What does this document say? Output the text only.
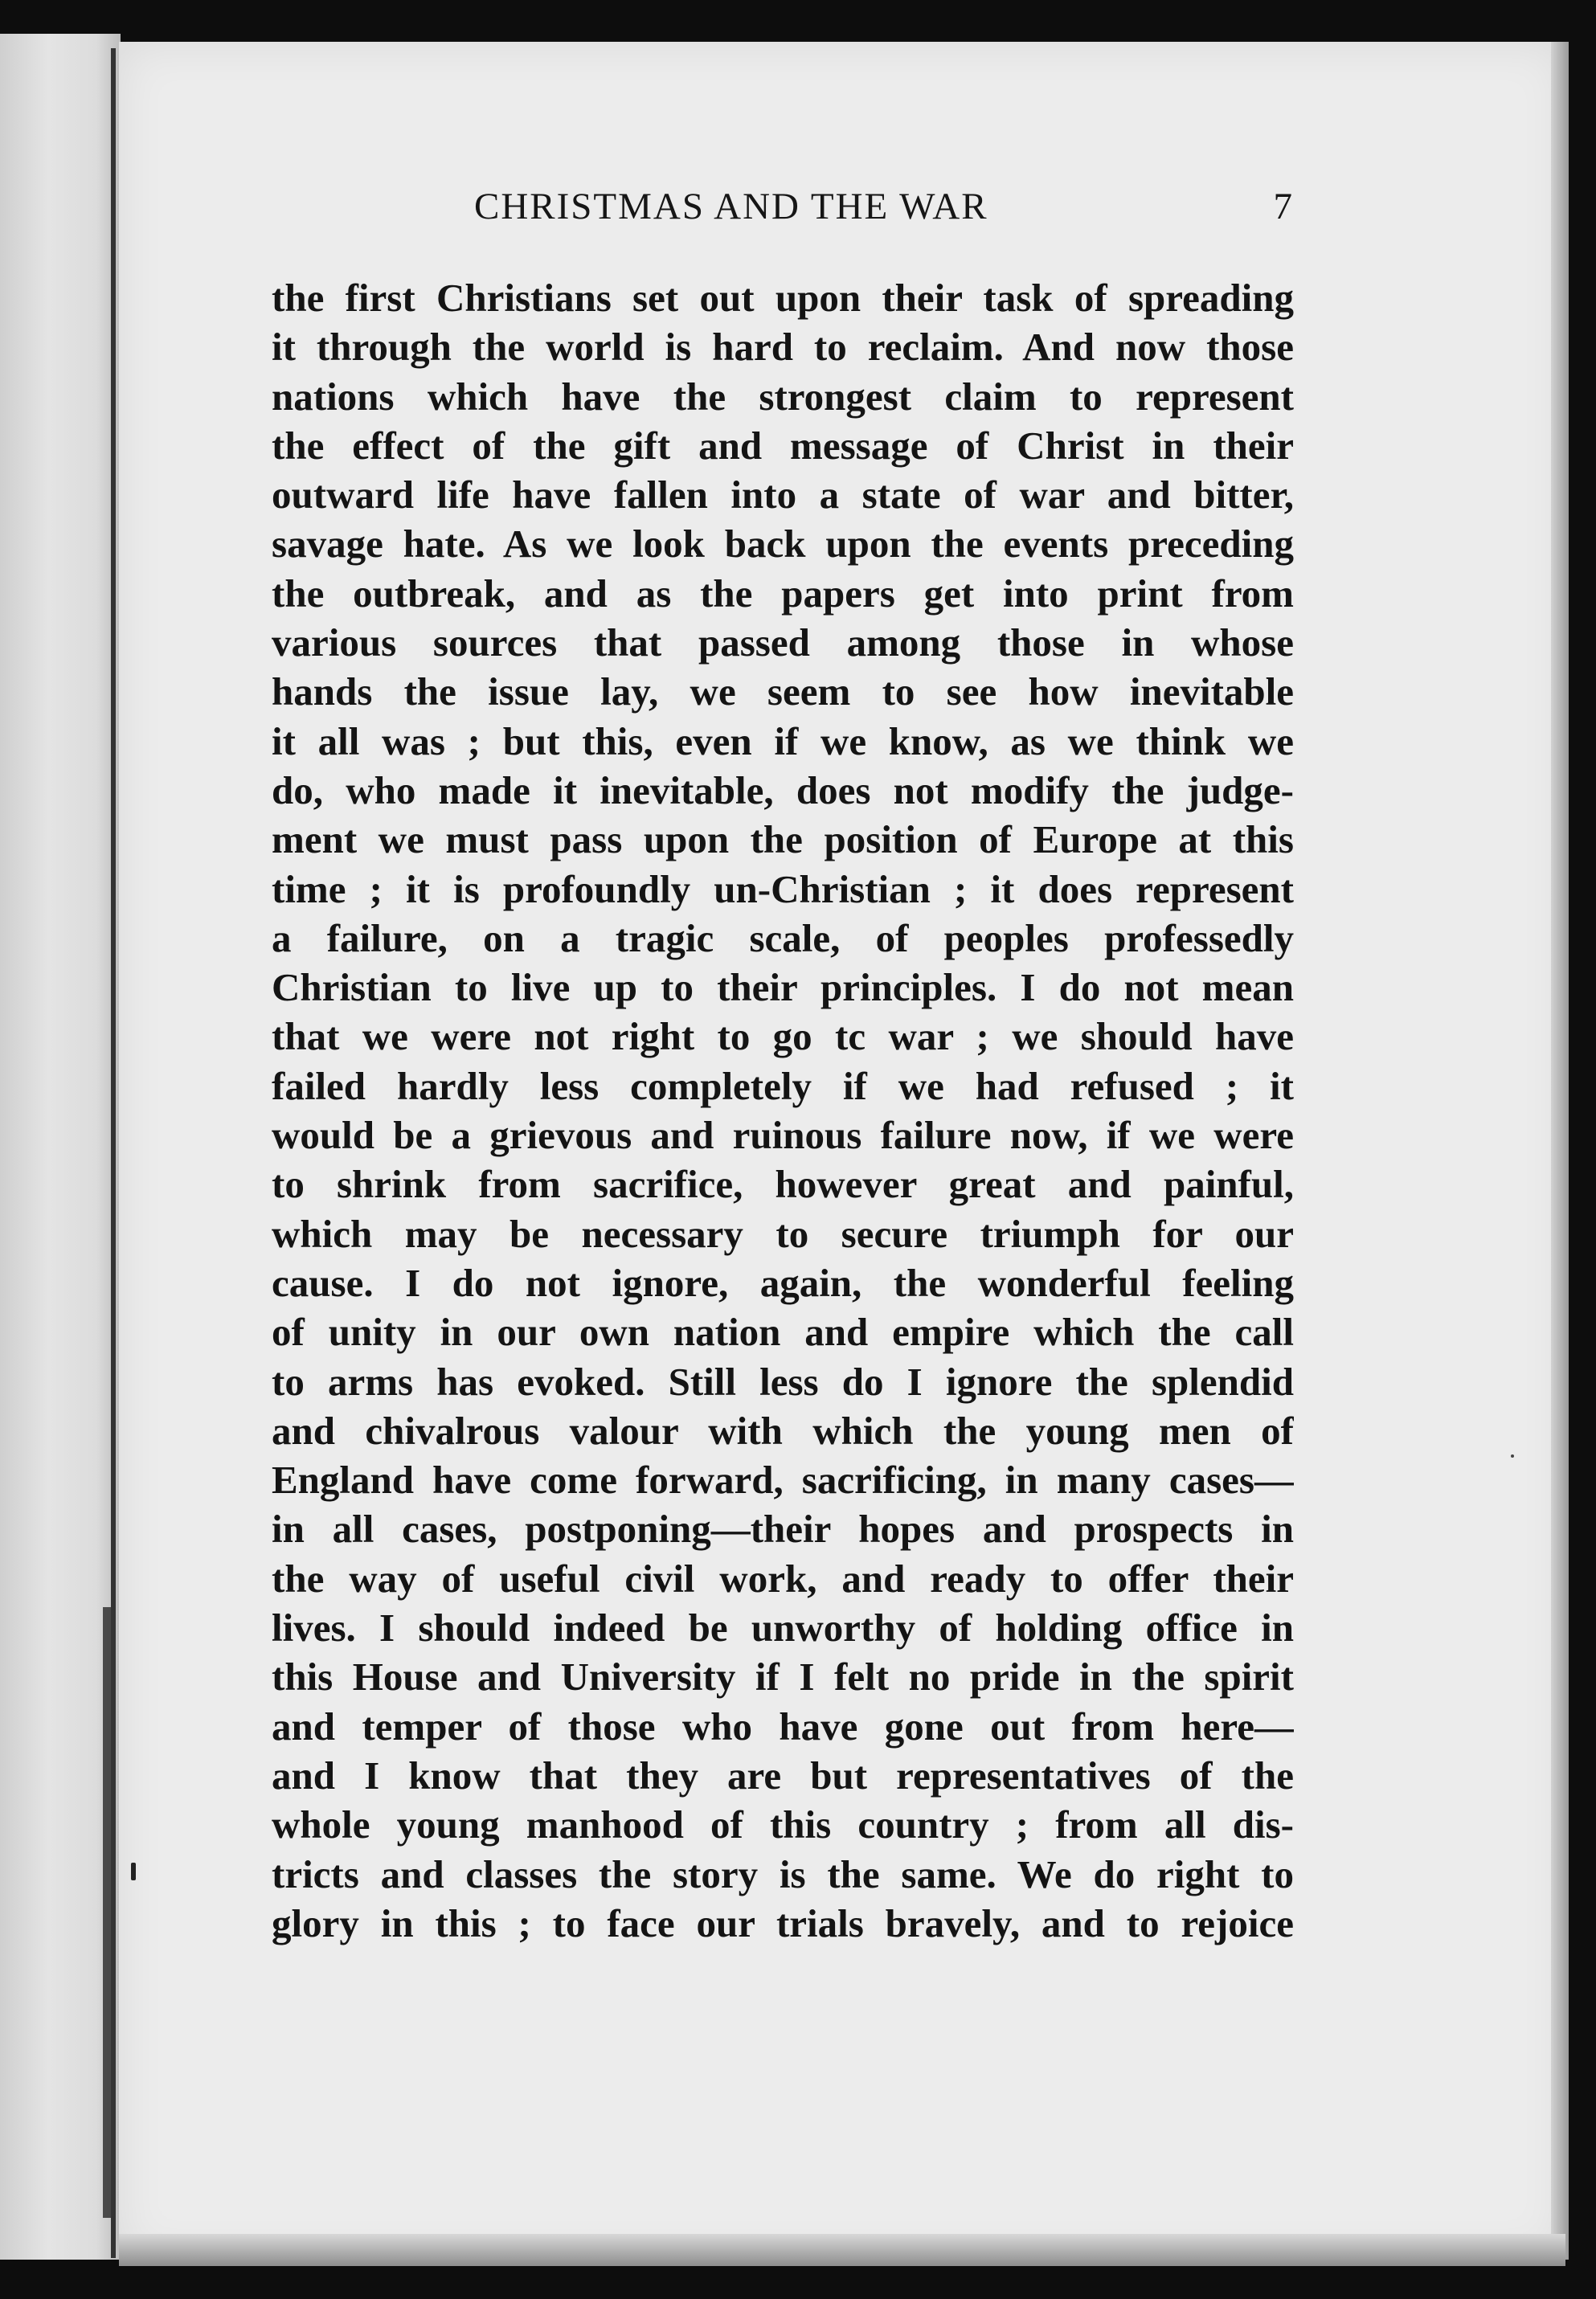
CHRISTMAS AND THE WAR	7
the first Christians set out upon their task of spreading
it through the world is hard to reclaim. And now those
nations which have the strongest claim to represent
the effect of the gift and message of Christ in their
outward life have fallen into a state of war and bitter,
savage hate. As we look back upon the events preceding
the outbreak, and as the papers get into print from
various sources that passed among those in whose
hands the issue lay, we seem to see how inevitable
it all was ; but this, even if we know, as we think we
do, who made it inevitable, does not modify the judge-
ment we must pass upon the position of Europe at this
time ; it is profoundly un-Christian ; it does represent
a failure, on a tragic scale, of peoples professedly
Christian to live up to their principles. I do not mean
that we were not right to go tc war ; we should have
failed hardly less completely if we had refused ; it
would be a grievous and ruinous failure now, if we were
to shrink from sacrifice, however great and painful,
which may be necessary to secure triumph for our
cause. I do not ignore, again, the wonderful feeling
of unity in our own nation and empire which the call
to arms has evoked. Still less do I ignore the splendid
and chivalrous valour with which the young men of
England have come forward, sacrificing, in many cases—
in all cases, postponing—their hopes and prospects in
the way of useful civil work, and ready to offer their
lives. I should indeed be unworthy of holding office in
this House and University if I felt no pride in the spirit
and temper of those who have gone out from here—
and I know that they are but representatives of the
whole young manhood of this country ; from all dis-
tricts and classes the story is the same. We do right to
glory in this ; to face our trials bravely, and to rejoice
